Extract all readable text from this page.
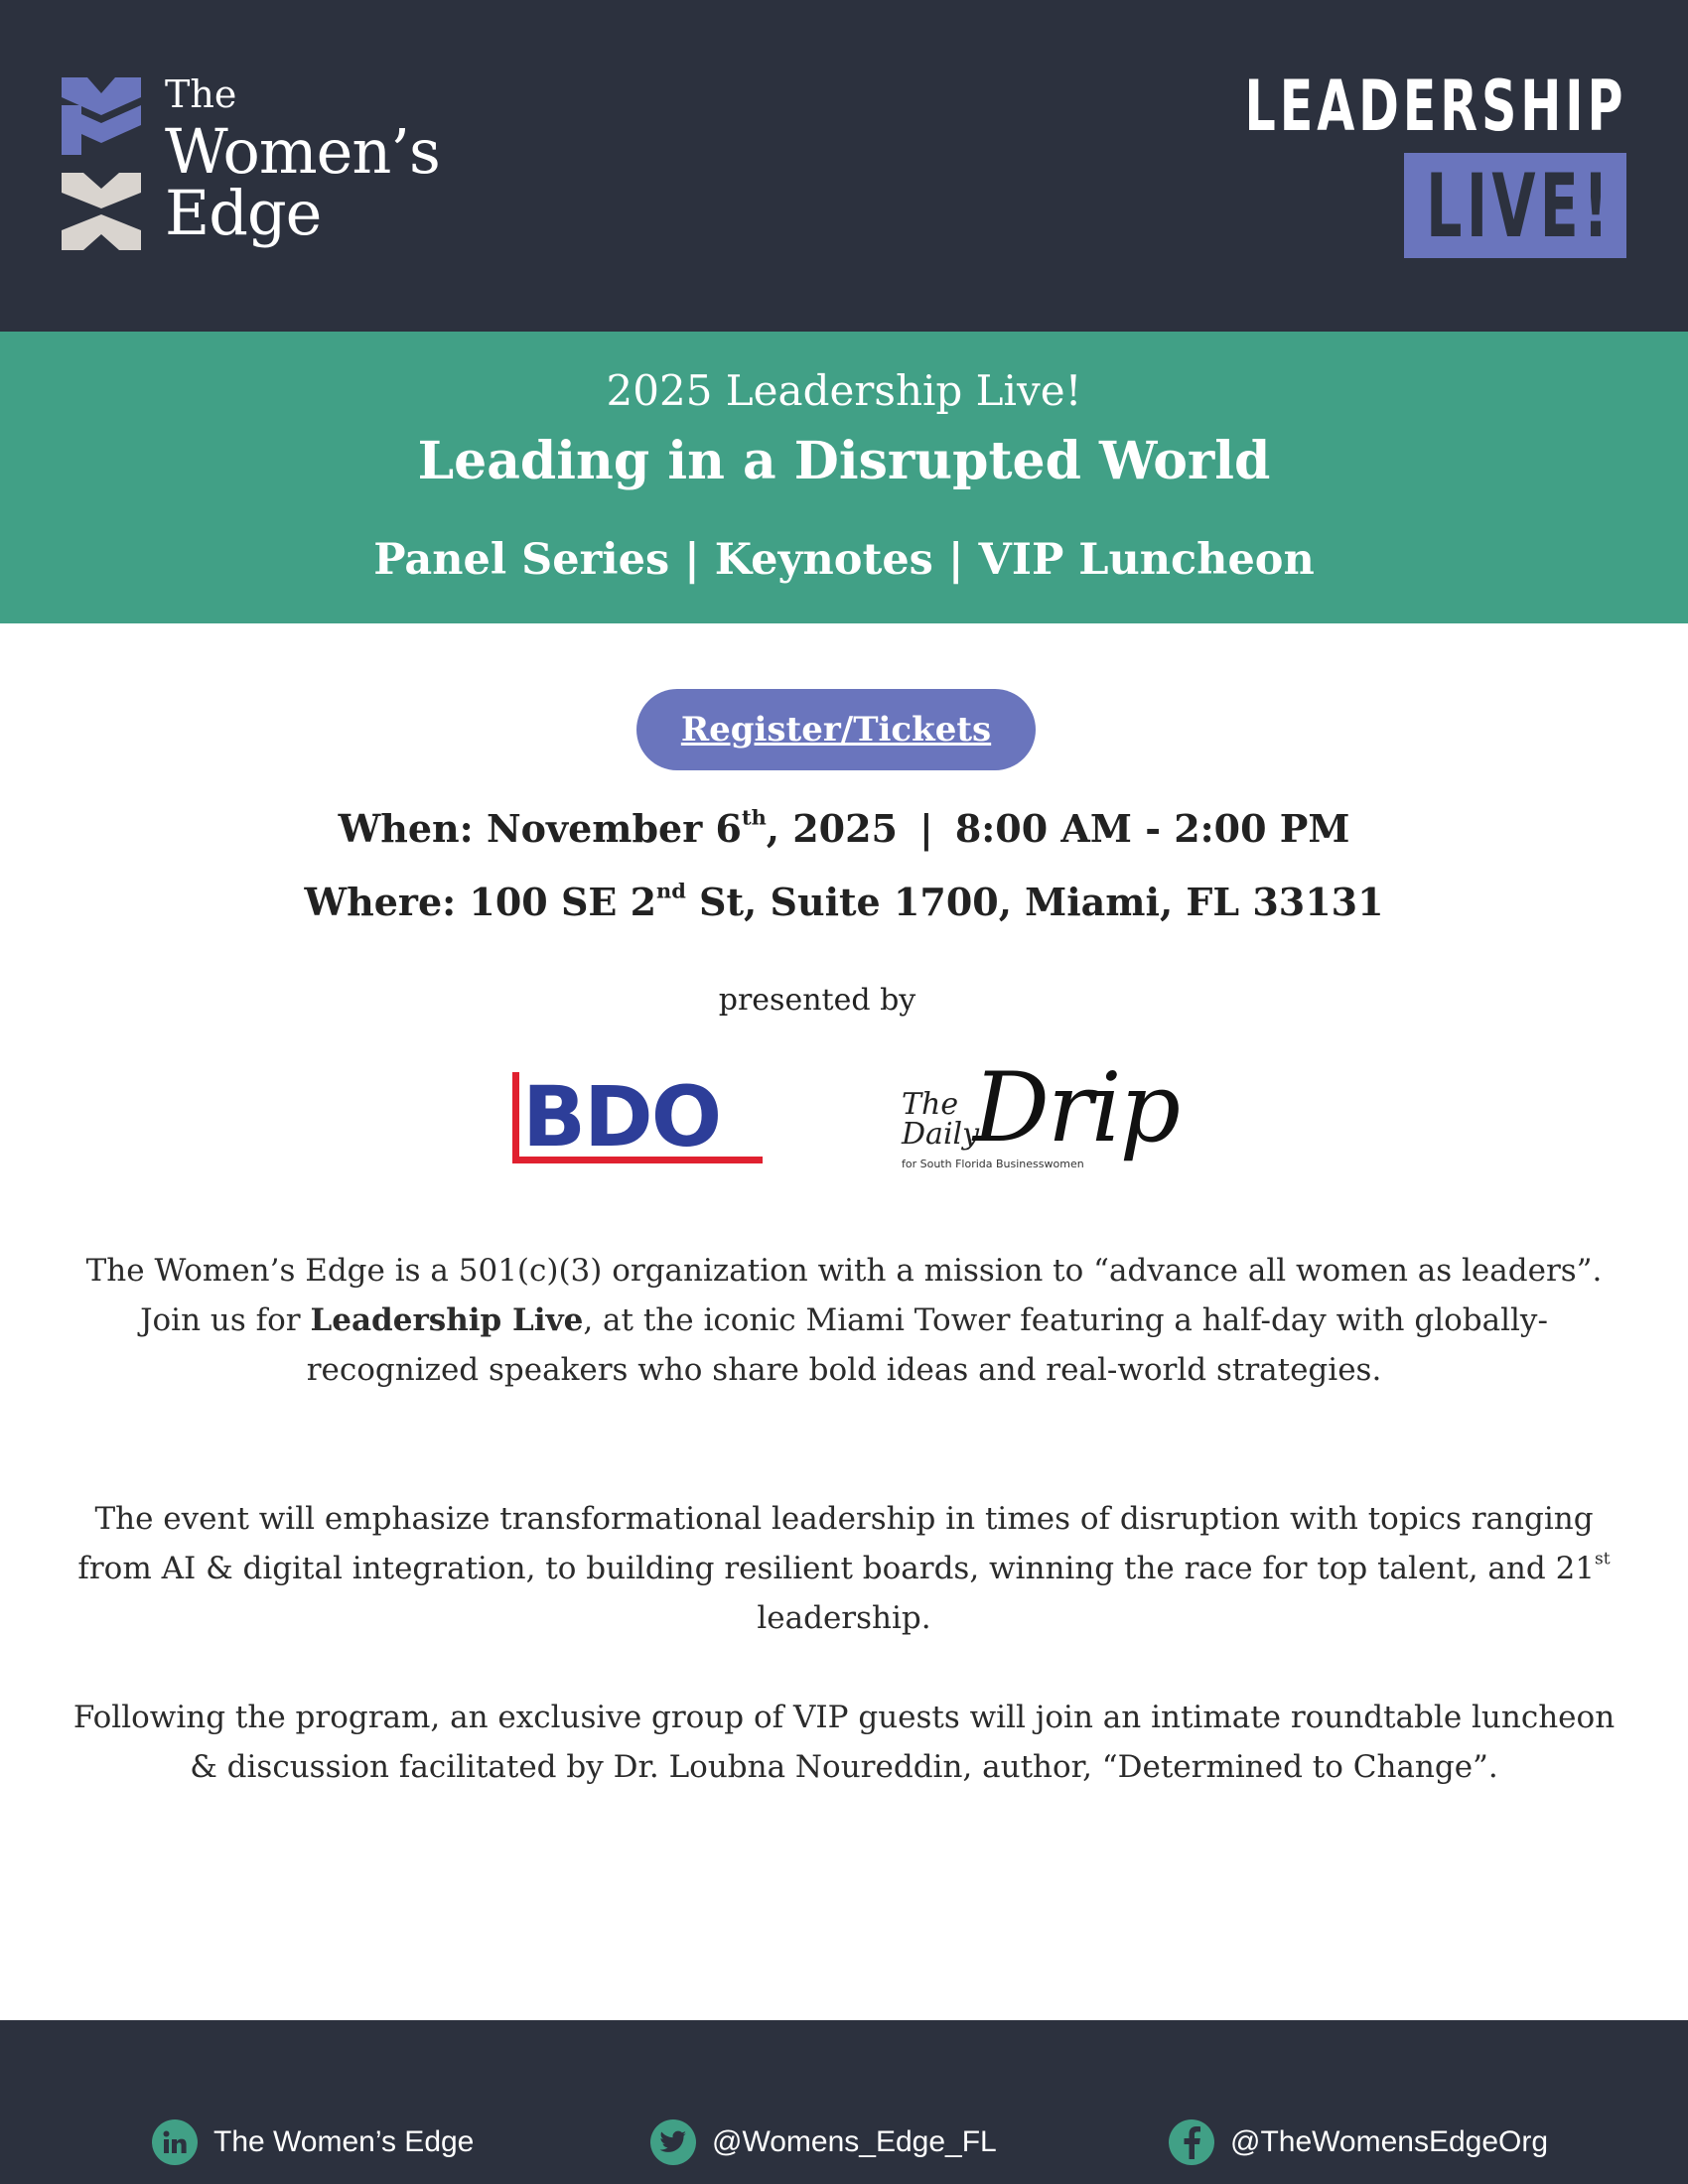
The
Women’s
Edge
LEADERSHIP
LIVE!
2025 Leadership Live!
Leading in a Disrupted World
Panel Series | Keynotes | VIP Luncheon
Register/Tickets
When: November 6th, 2025 | 8:00 AM - 2:00 PM
Where: 100 SE 2nd St, Suite 1700, Miami, FL 33131
presented by
BDO	The
Daily
Drip
for South Florida Businesswomen
The Women’s Edge is a 501(c)(3) organization with a mission to “advance all women as leaders”.
Join us for Leadership Live, at the iconic Miami Tower featuring a half-day with globally-recognized speakers who share bold ideas and real-world strategies.
The event will emphasize transformational leadership in times of disruption with topics ranging from AI & digital integration, to building resilient boards, winning the race for top talent, and 21st leadership.
Following the program, an exclusive group of VIP guests will join an intimate roundtable luncheon & discussion facilitated by Dr. Loubna Noureddin, author, “Determined to Change”.
The Women’s Edge	@Womens_Edge_FL	@TheWomensEdgeOrg
